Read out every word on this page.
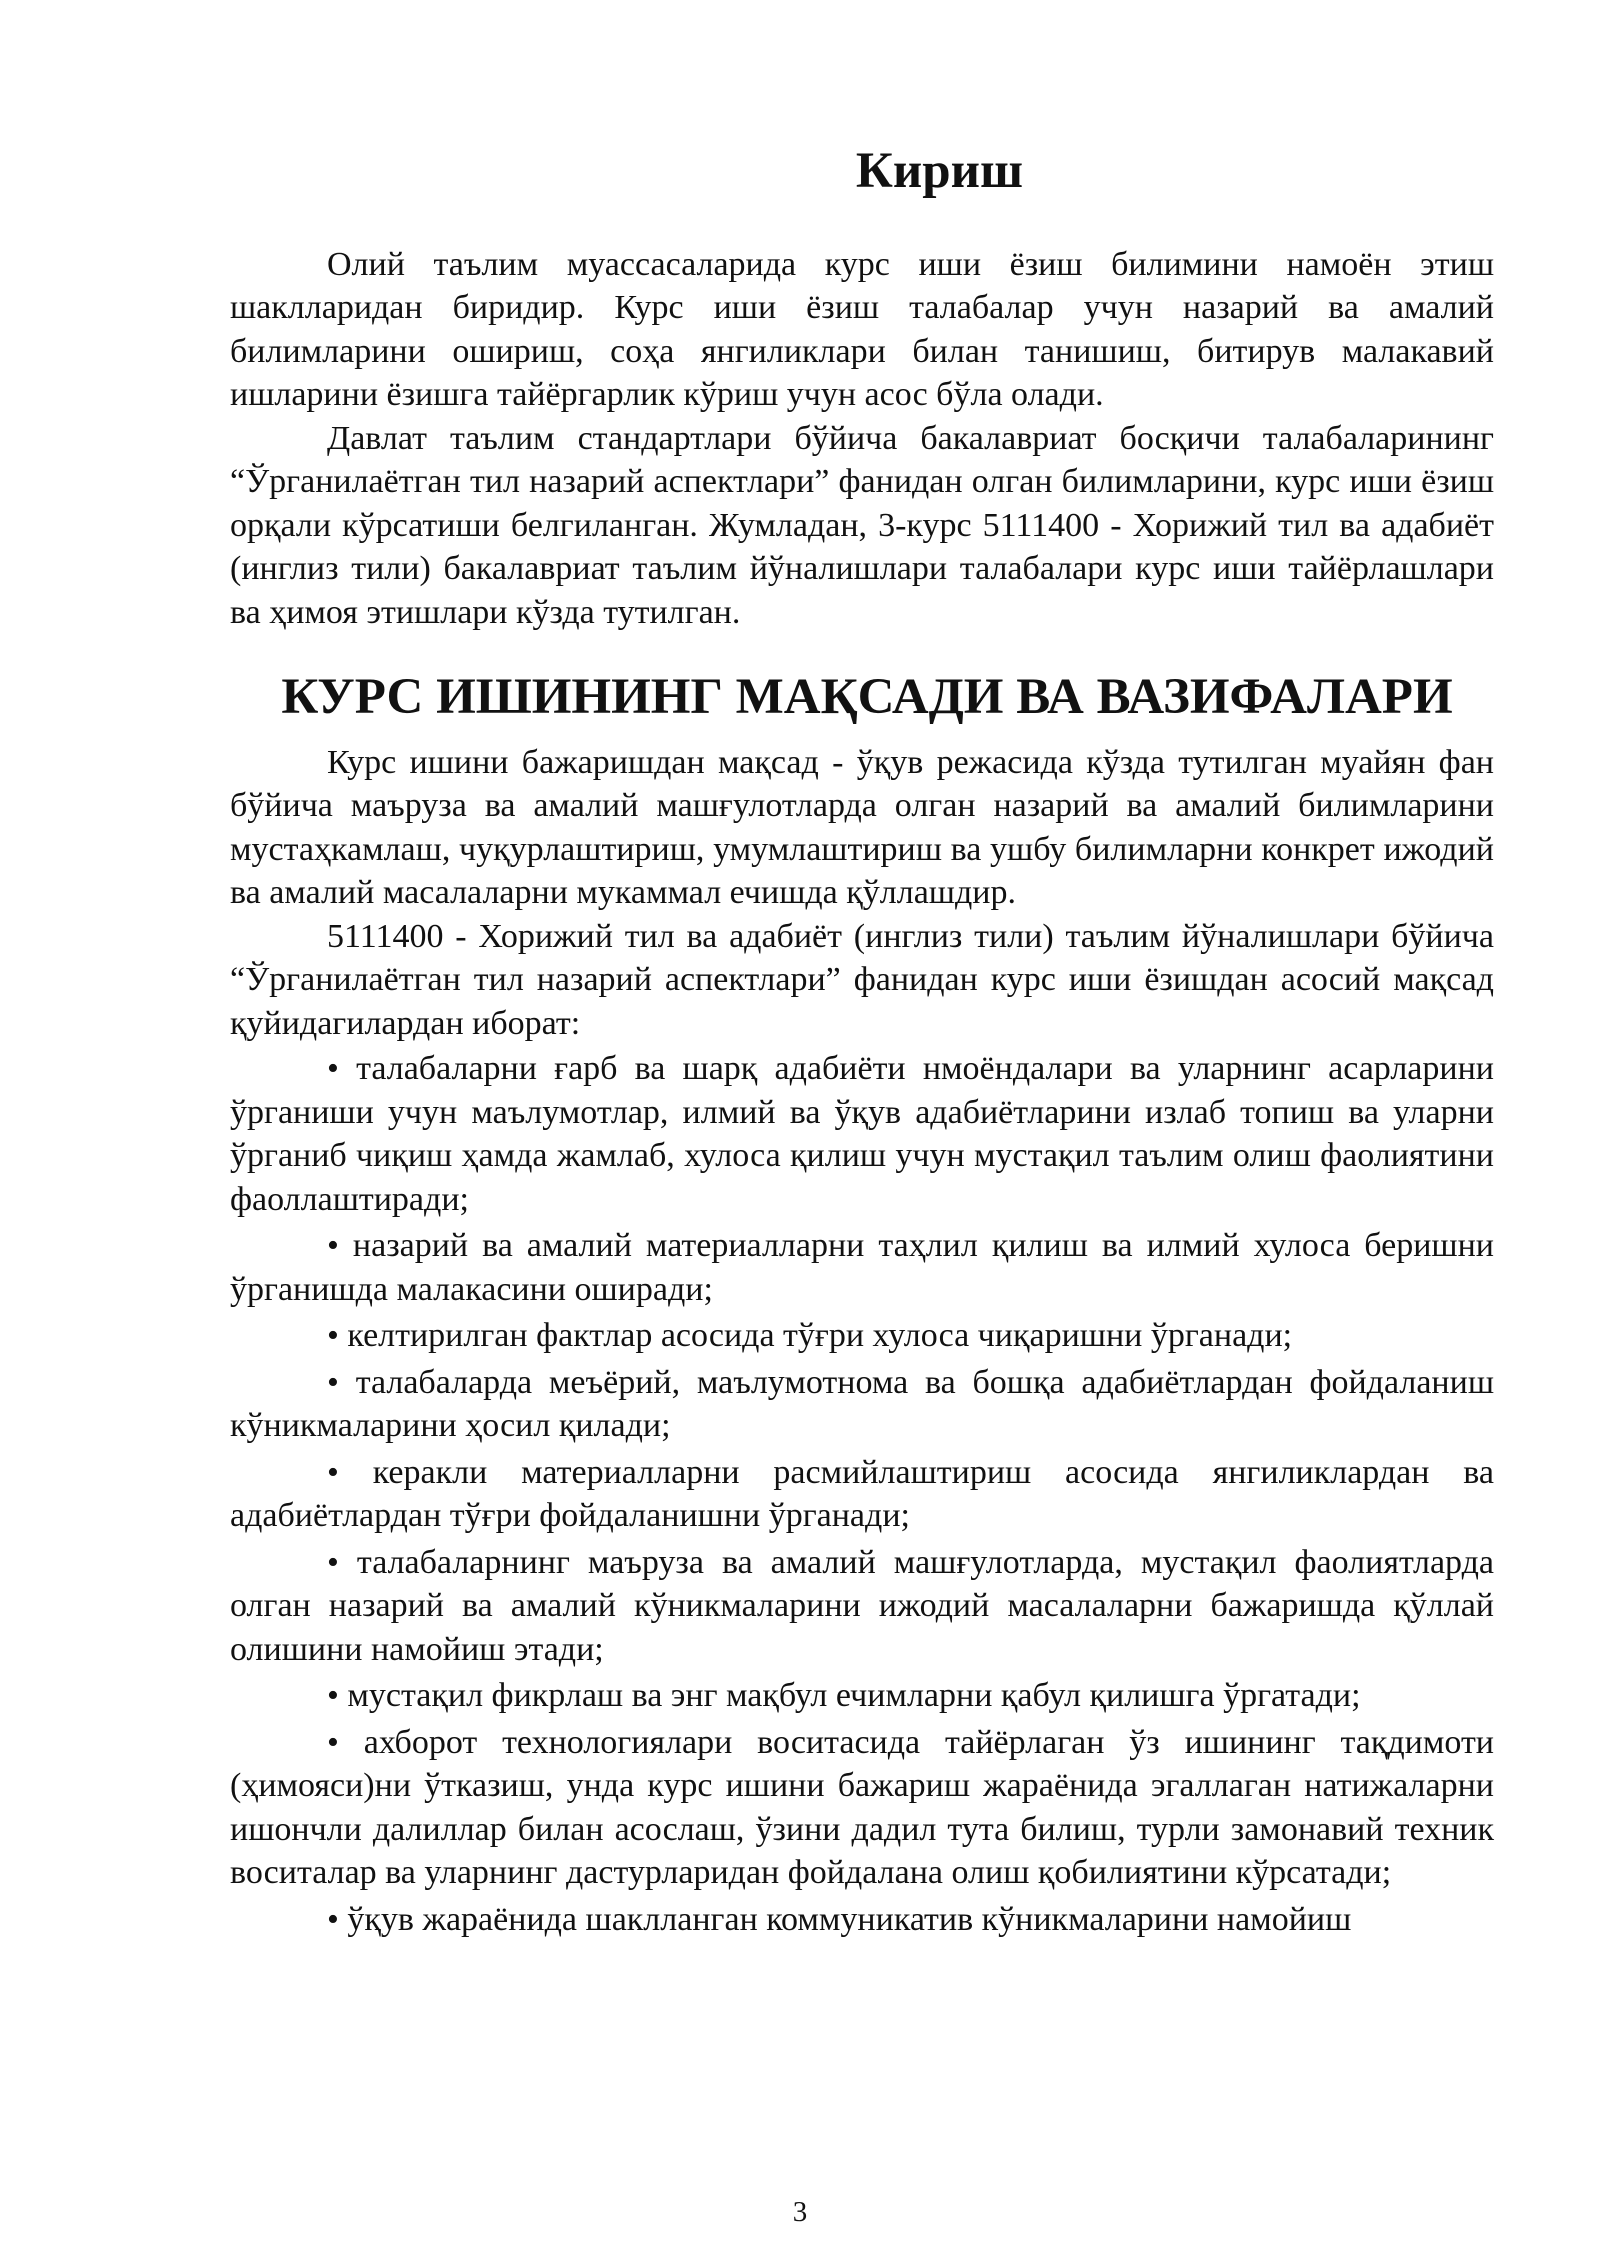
Кириш

Олий таълим муассасаларида курс иши ёзиш билимини намоён этиш шаклларидан биридир. Курс иши ёзиш талабалар учун назарий ва амалий билимларини ошириш, соҳа янгиликлари билан танишиш, битирув малакавий ишларини ёзишга тайёргарлик кўриш учун асос бўла олади.

Давлат таълим стандартлари бўйича бакалавриат босқичи талабаларининг “Ўрганилаётган тил назарий аспектлари” фанидан олган билимларини, курс иши ёзиш орқали кўрсатиши белгиланган. Жумладан, 3-курс 5111400 - Хорижий тил ва адабиёт (инглиз тили) бакалавриат таълим йўналишлари талабалари курс иши тайёрлашлари ва ҳимоя этишлари кўзда тутилган.

КУРС ИШИНИНГ МАҚСАДИ ВА ВАЗИФАЛАРИ

Курс ишини бажаришдан мақсад - ўқув режасида кўзда тутилган муайян фан бўйича маъруза ва амалий машғулотларда олган назарий ва амалий билимларини мустаҳкамлаш, чуқурлаштириш, умумлаштириш ва ушбу билимларни конкрет ижодий ва амалий масалаларни мукаммал ечишда қўллашдир.

5111400 - Хорижий тил ва адабиёт (инглиз тили) таълим йўналишлари бўйича “Ўрганилаётган тил назарий аспектлари” фанидан курс иши ёзишдан асосий мақсад қуйидагилардан иборат:

• талабаларни ғарб ва шарқ адабиёти нмоёндалари ва уларнинг асарларини ўрганиши учун маълумотлар, илмий ва ўқув адабиётларини излаб топиш ва уларни ўрганиб чиқиш ҳамда жамлаб, хулоса қилиш учун мустақил таълим олиш фаолиятини фаоллаштиради;
• назарий ва амалий материалларни таҳлил қилиш ва илмий хулоса беришни ўрганишда малакасини оширади;
• келтирилган фактлар асосида тўғри хулоса чиқаришни ўрганади;
• талабаларда меъёрий, маълумотнома ва бошқа адабиётлардан фойдаланиш кўникмаларини ҳосил қилади;
• керакли материалларни расмийлаштириш асосида янгиликлардан ва адабиётлардан тўғри фойдаланишни ўрганади;
• талабаларнинг маъруза ва амалий машғулотларда, мустақил фаолиятларда олган назарий ва амалий кўникмаларини ижодий масалаларни бажаришда қўллай олишини намойиш этади;
• мустақил фикрлаш ва энг мақбул ечимларни қабул қилишга ўргатади;
• ахборот технологиялари воситасида тайёрлаган ўз ишининг тақдимоти (ҳимояси)ни ўтказиш, унда курс ишини бажариш жараёнида эгаллаган натижаларни ишончли далиллар билан асослаш, ўзини дадил тута билиш, турли замонавий техник воситалар ва уларнинг дастурларидан фойдалана олиш қобилиятини кўрсатади;
• ўқув жараёнида шаклланган коммуникатив кўникмаларини намойиш
3
